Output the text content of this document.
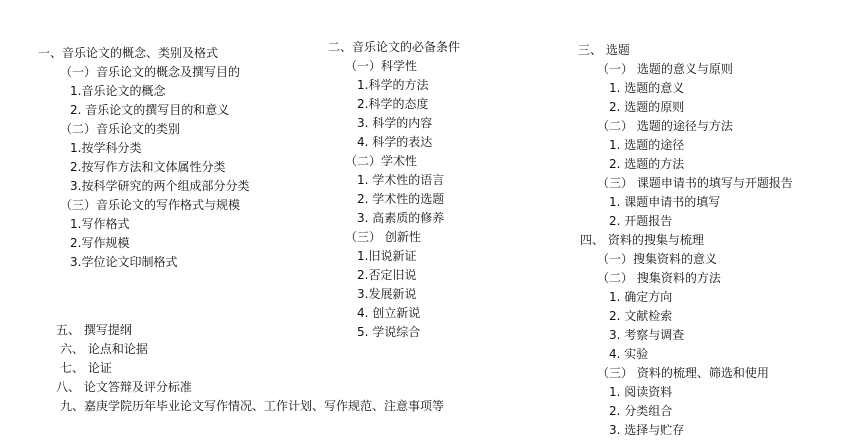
一、音乐论文的概念、类别及格式
（一）音乐论文的概念及撰写目的
1.音乐论文的概念
2. 音乐论文的撰写目的和意义
（二）音乐论文的类别
1.按学科分类
2.按写作方法和文体属性分类
3.按科学研究的两个组成部分分类
（三）音乐论文的写作格式与规模
1.写作格式
2.写作规模
3.学位论文印制格式
五、 撰写提纲
六、 论点和论据
七、 论证
八、 论文答辩及评分标准
九、嘉庚学院历年毕业论文写作情况、工作计划、写作规范、注意事项等
二、音乐论文的必备条件
（一）科学性
1.科学的方法
2.科学的态度
3. 科学的内容
4. 科学的表达
（二）学术性
1. 学术性的语言
2. 学术性的选题
3. 高素质的修养
（三） 创新性
1.旧说新证
2.否定旧说
3.发展新说
4. 创立新说
5. 学说综合
三、 选题
（一） 选题的意义与原则
1. 选题的意义
2. 选题的原则
（二） 选题的途径与方法
1. 选题的途径
2. 选题的方法
（三） 课题申请书的填写与开题报告
1. 课题申请书的填写
2. 开题报告
四、 资料的搜集与梳理
（一）搜集资料的意义
（二） 搜集资料的方法
1. 确定方向
2. 文献检索
3. 考察与调查
4. 实验
（三） 资料的梳理、筛选和使用
1. 阅读资料
2. 分类组合
3. 选择与贮存
